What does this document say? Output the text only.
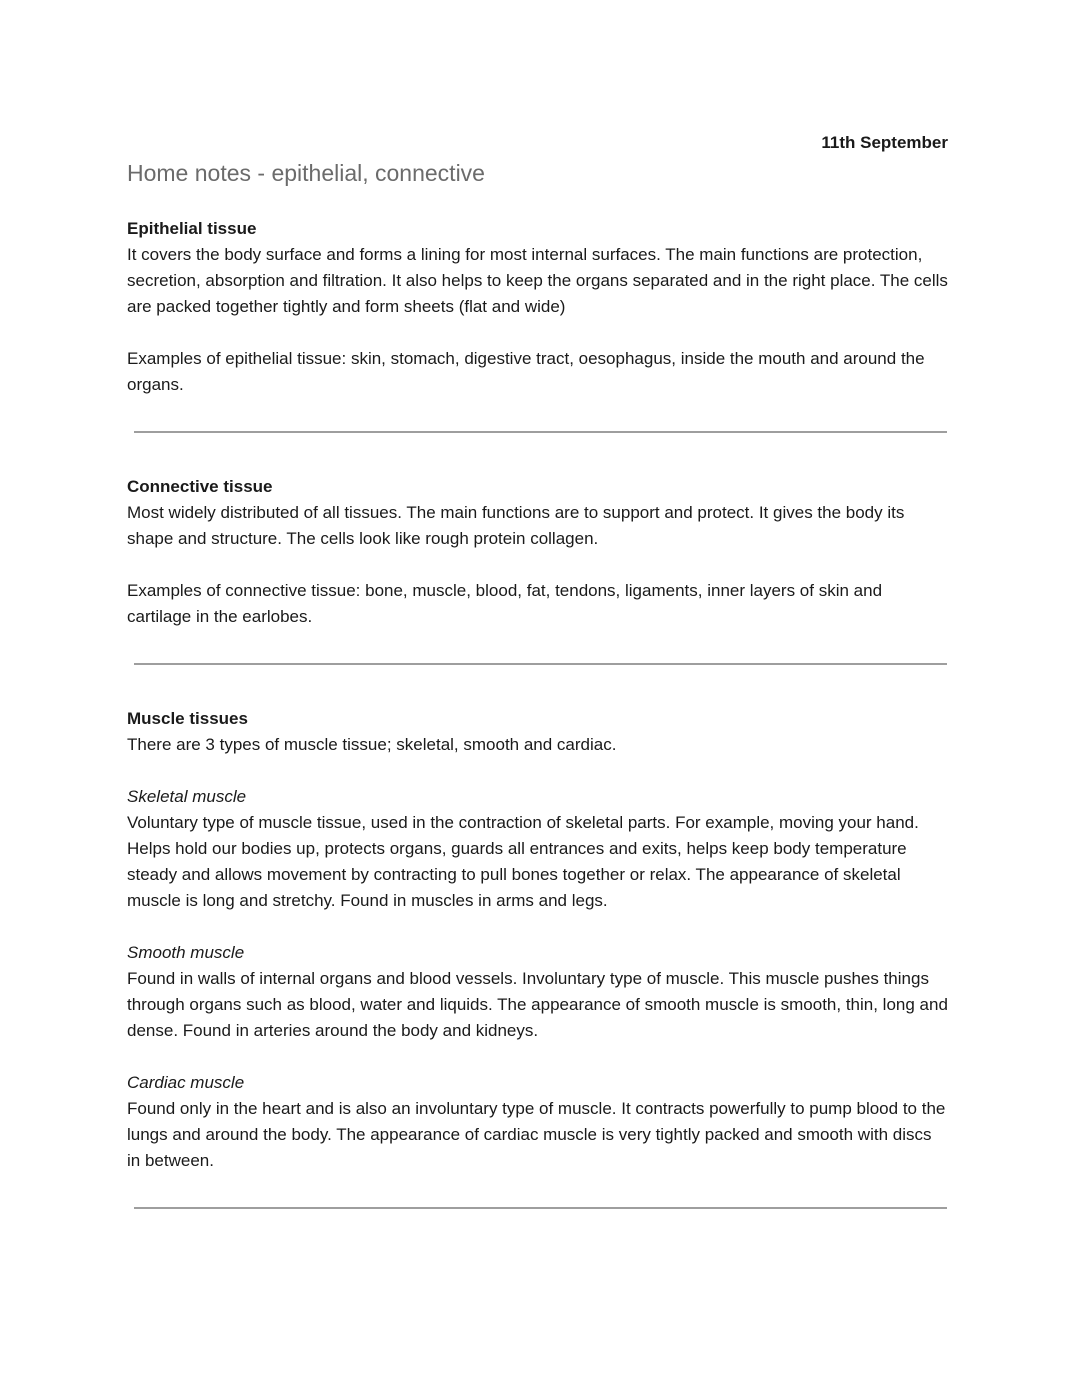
11th September

Home notes - epithelial, connective

Epithelial tissue

It covers the body surface and forms a lining for most internal surfaces. The main functions are protection, secretion, absorption and filtration. It also helps to keep the organs separated and in the right place. The cells are packed together tightly and form sheets (flat and wide)

Examples of epithelial tissue: skin, stomach, digestive tract, oesophagus, inside the mouth and around the organs.

Connective tissue

Most widely distributed of all tissues. The main functions are to support and protect. It gives the body its shape and structure. The cells look like rough protein collagen.

Examples of connective tissue: bone, muscle, blood, fat, tendons, ligaments, inner layers of skin and cartilage in the earlobes.

Muscle tissues

There are 3 types of muscle tissue; skeletal, smooth and cardiac.

Skeletal muscle

Voluntary type of muscle tissue, used in the contraction of skeletal parts. For example, moving your hand. Helps hold our bodies up, protects organs, guards all entrances and exits, helps keep body temperature steady and allows movement by contracting to pull bones together or relax. The appearance of skeletal muscle is long and stretchy. Found in muscles in arms and legs.

Smooth muscle

Found in walls of internal organs and blood vessels. Involuntary type of muscle. This muscle pushes things through organs such as blood, water and liquids. The appearance of smooth muscle is smooth, thin, long and dense. Found in arteries around the body and kidneys.

Cardiac muscle

Found only in the heart and is also an involuntary type of muscle. It contracts powerfully to pump blood to the lungs and around the body. The appearance of cardiac muscle is very tightly packed and smooth with discs in between.
